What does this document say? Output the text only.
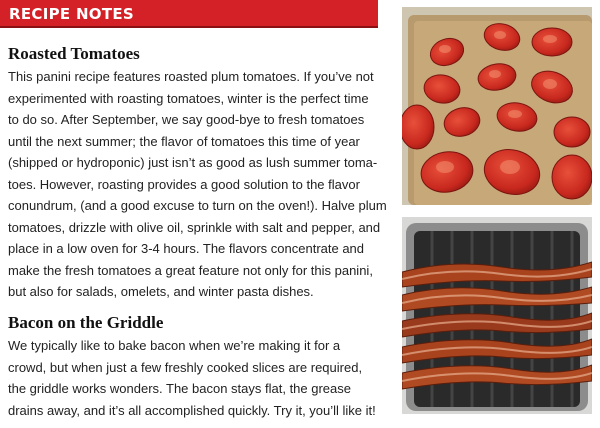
RECIPE NOTES
Roasted Tomatoes
This panini recipe features roasted plum tomatoes. If you’ve not
experimented with roasting tomatoes, winter is the perfect time
to do so. After September, we say good-bye to fresh tomatoes
until the next summer; the flavor of tomatoes this time of year
(shipped or hydroponic) just isn’t as good as lush summer toma-
toes. However, roasting provides a good solution to the flavor
conundrum, (and a good excuse to turn on the oven!). Halve plum
tomatoes, drizzle with olive oil, sprinkle with salt and pepper, and
place in a low oven for 3-4 hours. The flavors concentrate and
make the fresh tomatoes a great feature not only for this panini,
but also for salads, omelets, and winter pasta dishes.
Bacon on the Griddle
We typically like to bake bacon when we’re making it for a
crowd, but when just a few freshly cooked slices are required,
the griddle works wonders. The bacon stays flat, the grease
drains away, and it’s all accomplished quickly. Try it, you’ll like it!
